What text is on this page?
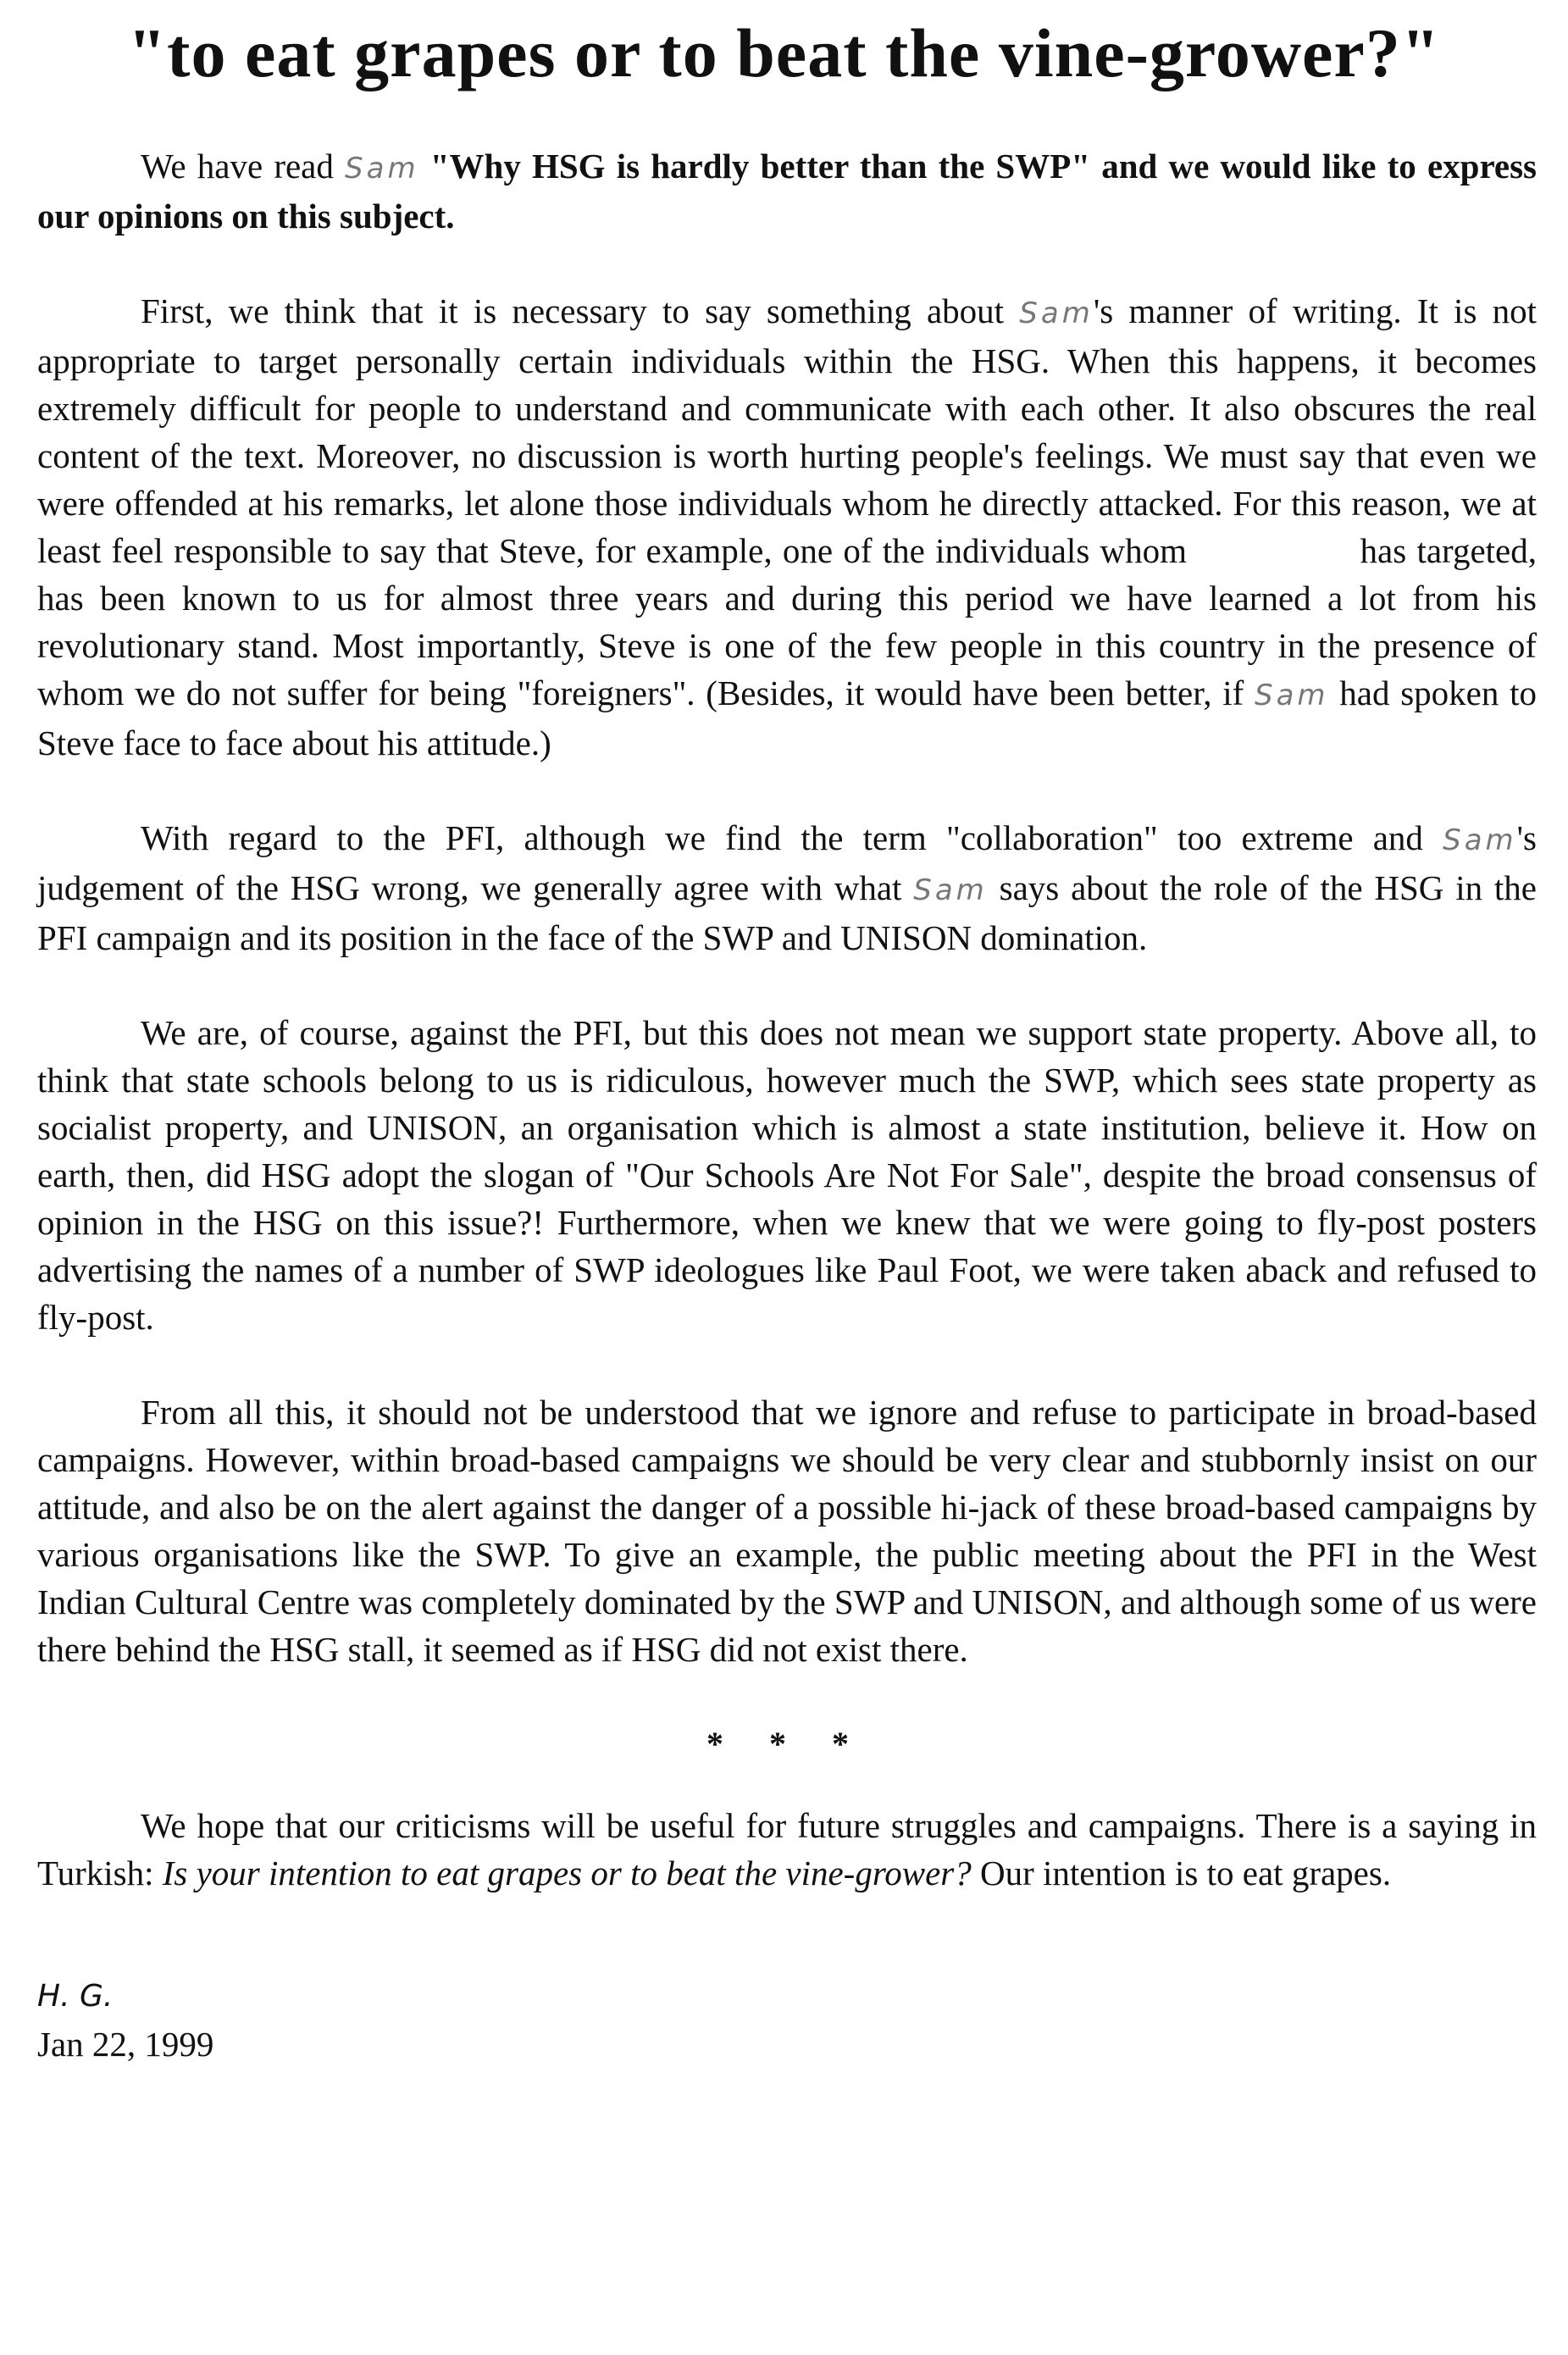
"to eat grapes or to beat the vine-grower?"

We have read Sam "Why HSG is hardly better than the SWP" and we would like to express our opinions on this subject.

First, we think that it is necessary to say something about Sam's manner of writing. It is not appropriate to target personally certain individuals within the HSG. When this happens, it becomes extremely difficult for people to understand and communicate with each other. It also obscures the real content of the text. Moreover, no discussion is worth hurting people's feelings. We must say that even we were offended at his remarks, let alone those individuals whom he directly attacked. For this reason, we at least feel responsible to say that Steve, for example, one of the individuals whom	has targeted, has been known to us for almost three years and during this period we have learned a lot from his revolutionary stand. Most importantly, Steve is one of the few people in this country in the presence of whom we do not suffer for being "foreigners". (Besides, it would have been better, if Sam had spoken to Steve face to face about his attitude.)

With regard to the PFI, although we find the term "collaboration" too extreme and Sam's judgement of the HSG wrong, we generally agree with what Sam says about the role of the HSG in the PFI campaign and its position in the face of the SWP and UNISON domination.

We are, of course, against the PFI, but this does not mean we support state property. Above all, to think that state schools belong to us is ridiculous, however much the SWP, which sees state property as socialist property, and UNISON, an organisation which is almost a state institution, believe it. How on earth, then, did HSG adopt the slogan of "Our Schools Are Not For Sale", despite the broad consensus of opinion in the HSG on this issue?! Furthermore, when we knew that we were going to fly-post posters advertising the names of a number of SWP ideologues like Paul Foot, we were taken aback and refused to fly-post.

From all this, it should not be understood that we ignore and refuse to participate in broad-based campaigns. However, within broad-based campaigns we should be very clear and stubbornly insist on our attitude, and also be on the alert against the danger of a possible hi-jack of these broad-based campaigns by various organisations like the SWP. To give an example, the public meeting about the PFI in the West Indian Cultural Centre was completely dominated by the SWP and UNISON, and although some of us were there behind the HSG stall, it seemed as if HSG did not exist there.

* * *

We hope that our criticisms will be useful for future struggles and campaigns. There is a saying in Turkish: Is your intention to eat grapes or to beat the vine-grower? Our intention is to eat grapes.

H. G.
Jan 22, 1999
